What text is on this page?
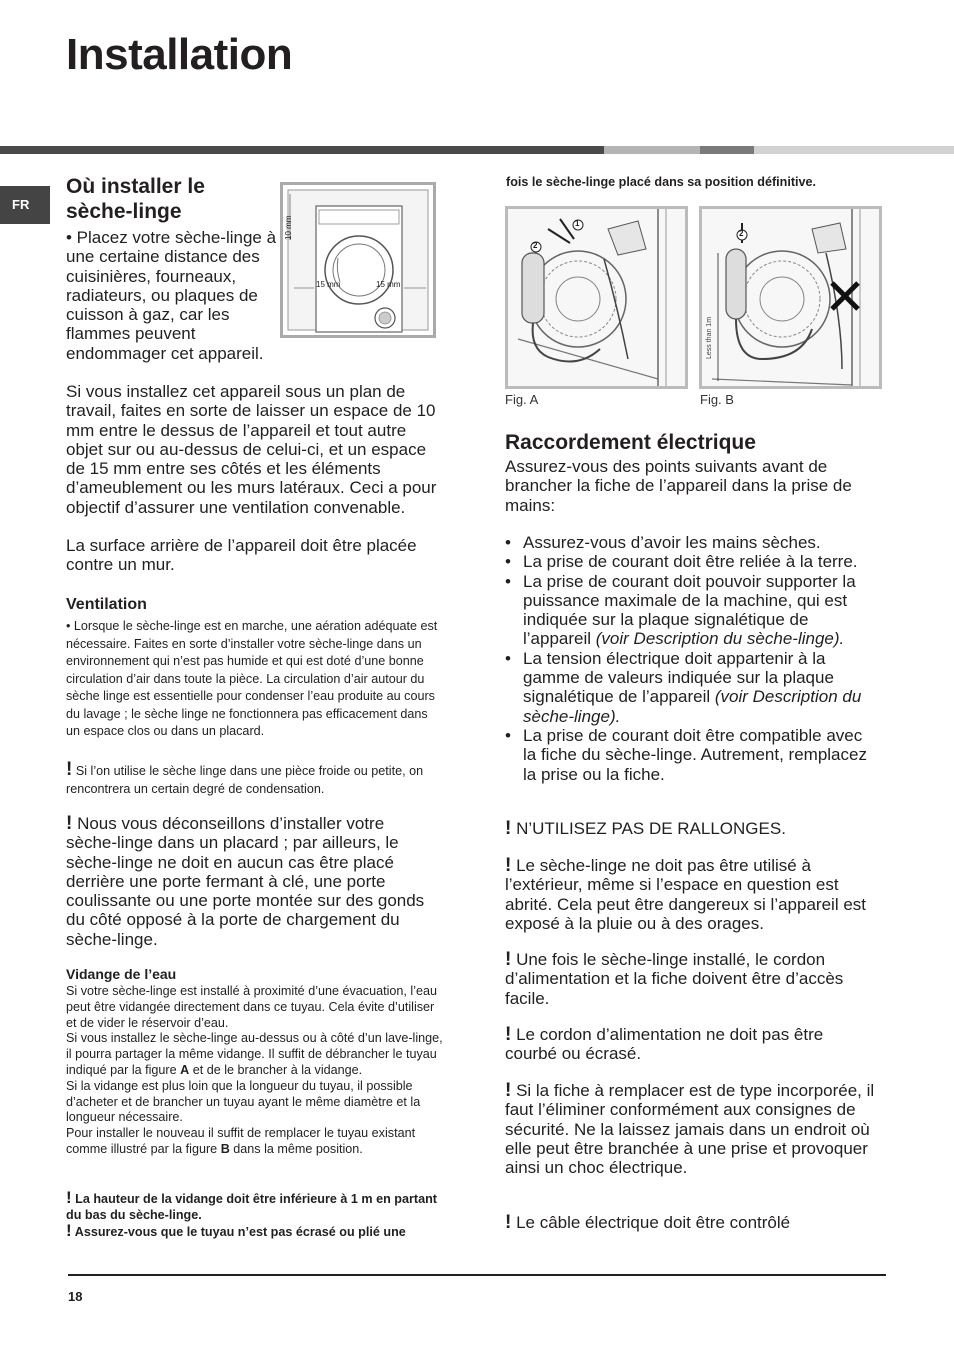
Installation
FR
Où installer le sèche-linge
10 mm
15 mm	15 mm
• Placez votre sèche-linge à une certaine distance des cuisinières, fourneaux, radiateurs, ou plaques de cuisson à gaz, car les flammes peuvent endommager cet appareil.
Si vous installez cet appareil sous un plan de travail, faites en sorte de laisser un espace de 10 mm entre le dessus de l’appareil et tout autre objet sur ou au-dessus de celui-ci, et un espace de 15 mm entre ses côtés et les éléments d’ameublement ou les murs latéraux. Ceci a pour objectif d’assurer une ventilation convenable.
La surface arrière de l’appareil doit être placée contre un mur.
Ventilation
• Lorsque le sèche-linge est en marche, une aération adéquate est nécessaire. Faites en sorte d’installer votre sèche-linge dans un environnement qui n’est pas humide et qui est doté d’une bonne circulation d’air dans toute la pièce. La circulation d’air autour du sèche linge est essentielle pour condenser l’eau produite au cours du lavage ; le sèche linge ne fonctionnera pas efficacement dans un espace clos ou dans un placard.
! Si l’on utilise le sèche linge dans une pièce froide ou petite, on rencontrera un certain degré de condensation.
! Nous vous déconseillons d’installer votre sèche-linge dans un placard ; par ailleurs, le sèche-linge ne doit en aucun cas être placé derrière une porte fermant à clé, une porte coulissante ou une porte montée sur des gonds du côté opposé à la porte de chargement du sèche-linge.
Vidange de l’eau
Si votre sèche-linge est installé à proximité d’une évacuation, l’eau peut être vidangée directement dans ce tuyau. Cela évite d’utiliser et de vider le réservoir d’eau.
Si vous installez le sèche-linge au-dessus ou à côté d’un lave-linge, il pourra partager la même vidange. Il suffit de débrancher le tuyau indiqué par la figure A et de le brancher à la vidange.
Si la vidange est plus loin que la longueur du tuyau, il possible d’acheter et de brancher un tuyau ayant le même diamètre et la longueur nécessaire.
Pour installer le nouveau il suffit de remplacer le tuyau existant comme illustré par la figure B dans la même position.
! La hauteur de la vidange doit être inférieure à 1 m en partant du bas du sèche-linge.
! Assurez-vous que le tuyau n’est pas écrasé ou plié une
fois le sèche-linge placé dans sa position définitive.
2
1
Fig. A
2
Less than 1m
Fig. B
Raccordement électrique
Assurez-vous des points suivants avant de brancher la fiche de l’appareil dans la prise de mains:
• Assurez-vous d’avoir les mains sèches.
• La prise de courant doit être reliée à la terre.
• La prise de courant doit pouvoir supporter la puissance maximale de la machine, qui est indiquée sur la plaque signalétique de l’appareil (voir Description du sèche-linge).
• La tension électrique doit appartenir à la gamme de valeurs indiquée sur la plaque signalétique de l’appareil (voir Description du sèche-linge).
• La prise de courant doit être compatible avec la fiche du sèche-linge. Autrement, remplacez la prise ou la fiche.
! N’UTILISEZ PAS DE RALLONGES.
! Le sèche-linge ne doit pas être utilisé à l’extérieur, même si l’espace en question est abrité. Cela peut être dangereux si l’appareil est exposé à la pluie ou à des orages.
! Une fois le sèche-linge installé, le cordon d’alimentation et la fiche doivent être d’accès facile.
! Le cordon d’alimentation ne doit pas être courbé ou écrasé.
! Si la fiche à remplacer est de type incorporée, il faut l’éliminer conformément aux consignes de sécurité. Ne la laissez jamais dans un endroit où elle peut être branchée à une prise et provoquer ainsi un choc électrique.
! Le câble électrique doit être contrôlé
18
